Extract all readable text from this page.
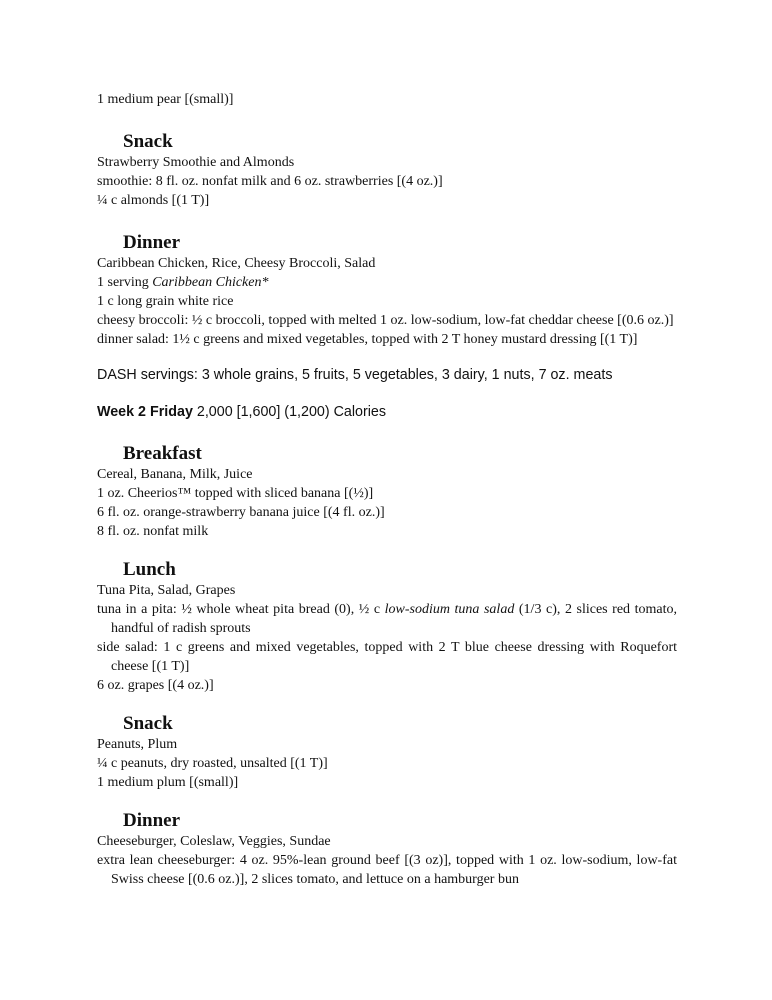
1 medium pear [(small)]

Snack

Strawberry Smoothie and Almonds

smoothie: 8 fl. oz. nonfat milk and 6 oz. strawberries [(4 oz.)]

¼ c almonds [(1 T)]

Dinner

Caribbean Chicken, Rice, Cheesy Broccoli, Salad

1 serving Caribbean Chicken*

1 c long grain white rice

cheesy broccoli: ½ c broccoli, topped with melted 1 oz. low-sodium, low-fat cheddar cheese [(0.6 oz.)]

dinner salad: 1½ c greens and mixed vegetables, topped with 2 T honey mustard dressing [(1 T)]

DASH servings: 3 whole grains, 5 fruits, 5 vegetables, 3 dairy, 1 nuts, 7 oz. meats

Week 2 Friday 2,000 [1,600] (1,200) Calories

Breakfast

Cereal, Banana, Milk, Juice

1 oz. Cheerios™ topped with sliced banana [(½)]

6 fl. oz. orange-strawberry banana juice [(4 fl. oz.)]

8 fl. oz. nonfat milk

Lunch

Tuna Pita, Salad, Grapes

tuna in a pita: ½ whole wheat pita bread (0), ½ c low-sodium tuna salad (1/3 c), 2 slices red tomato, handful of radish sprouts

side salad: 1 c greens and mixed vegetables, topped with 2 T blue cheese dressing with Roquefort cheese [(1 T)]

6 oz. grapes [(4 oz.)]

Snack

Peanuts, Plum

¼ c peanuts, dry roasted, unsalted [(1 T)]

1 medium plum [(small)]

Dinner

Cheeseburger, Coleslaw, Veggies, Sundae

extra lean cheeseburger: 4 oz. 95%-lean ground beef [(3 oz)], topped with 1 oz. low-sodium, low-fat Swiss cheese [(0.6 oz.)], 2 slices tomato, and lettuce on a hamburger bun
